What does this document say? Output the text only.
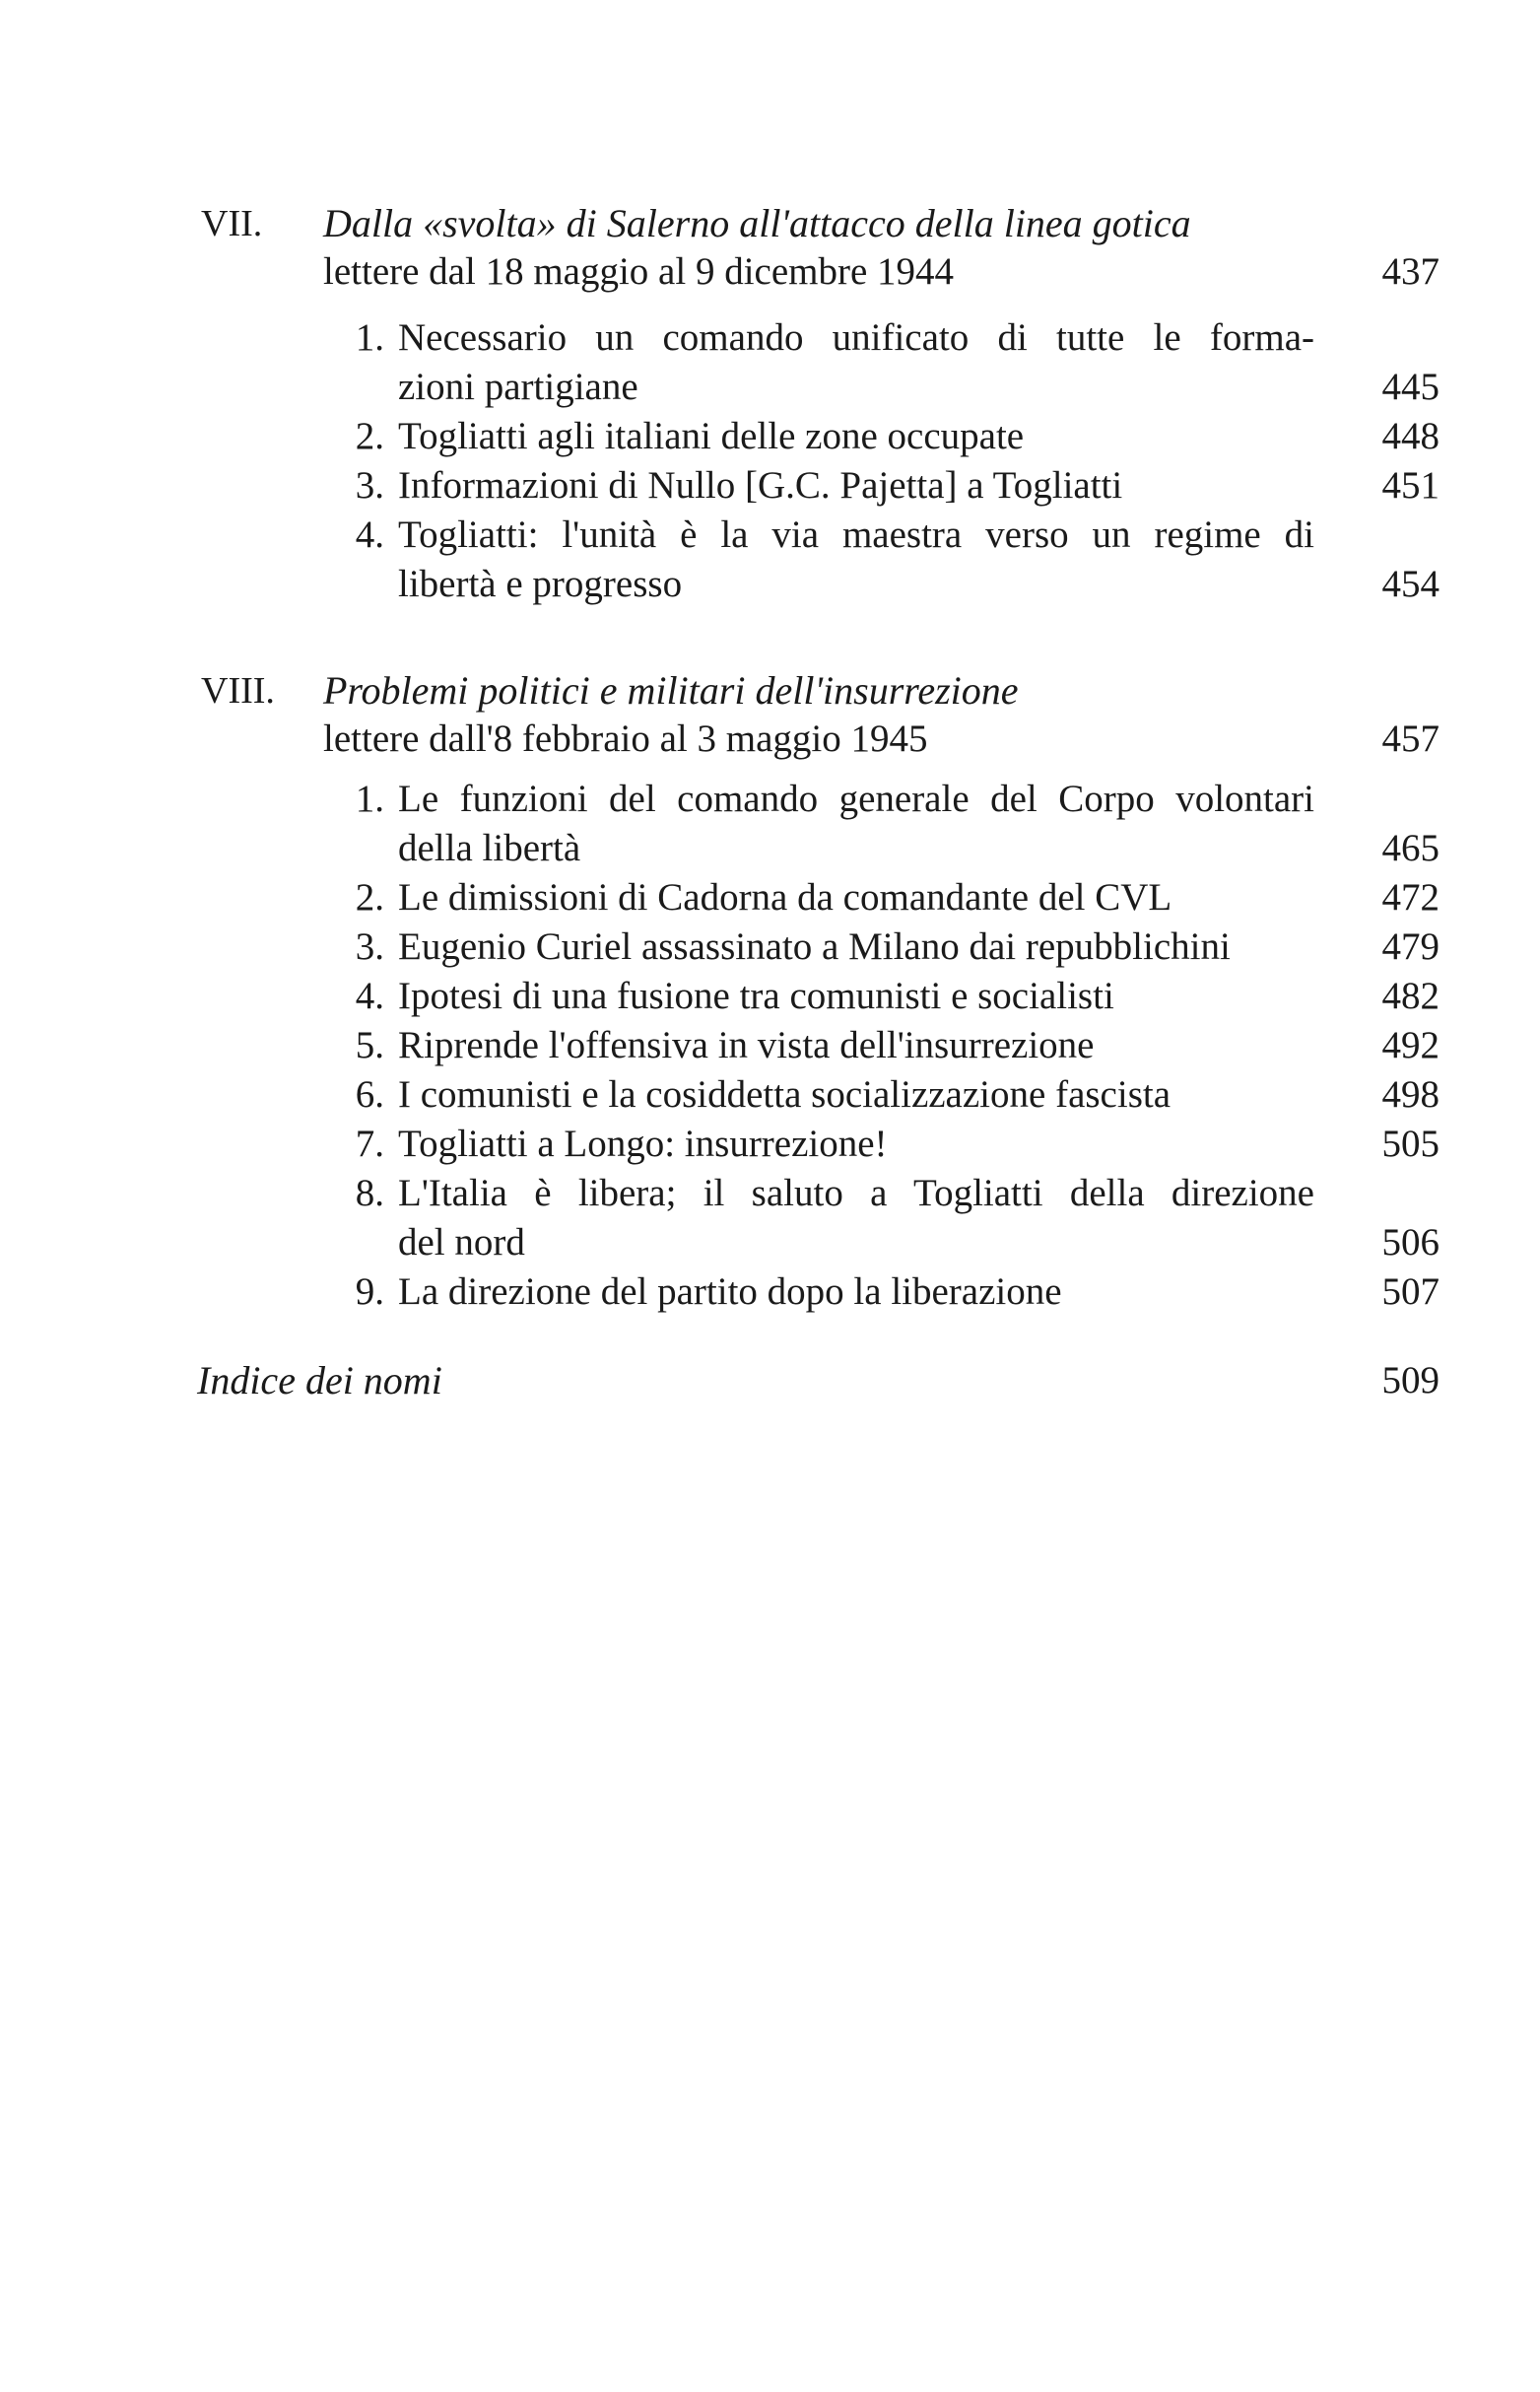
VII. Dalla «svolta» di Salerno all'attacco della linea gotica
lettere dal 18 maggio al 9 dicembre 1944	437
1. Necessario un comando unificato di tutte le forma-
zioni partigiane	445
2. Togliatti agli italiani delle zone occupate	448
3. Informazioni di Nullo [G.C. Pajetta] a Togliatti	451
4. Togliatti: l'unità è la via maestra verso un regime di
libertà e progresso	454
VIII. Problemi politici e militari dell'insurrezione
lettere dall'8 febbraio al 3 maggio 1945	457
1. Le funzioni del comando generale del Corpo volontari
della libertà	465
2. Le dimissioni di Cadorna da comandante del CVL	472
3. Eugenio Curiel assassinato a Milano dai repubblichini	479
4. Ipotesi di una fusione tra comunisti e socialisti	482
5. Riprende l'offensiva in vista dell'insurrezione	492
6. I comunisti e la cosiddetta socializzazione fascista	498
7. Togliatti a Longo: insurrezione!	505
8. L'Italia è libera; il saluto a Togliatti della direzione
del nord	506
9. La direzione del partito dopo la liberazione	507
Indice dei nomi	509
